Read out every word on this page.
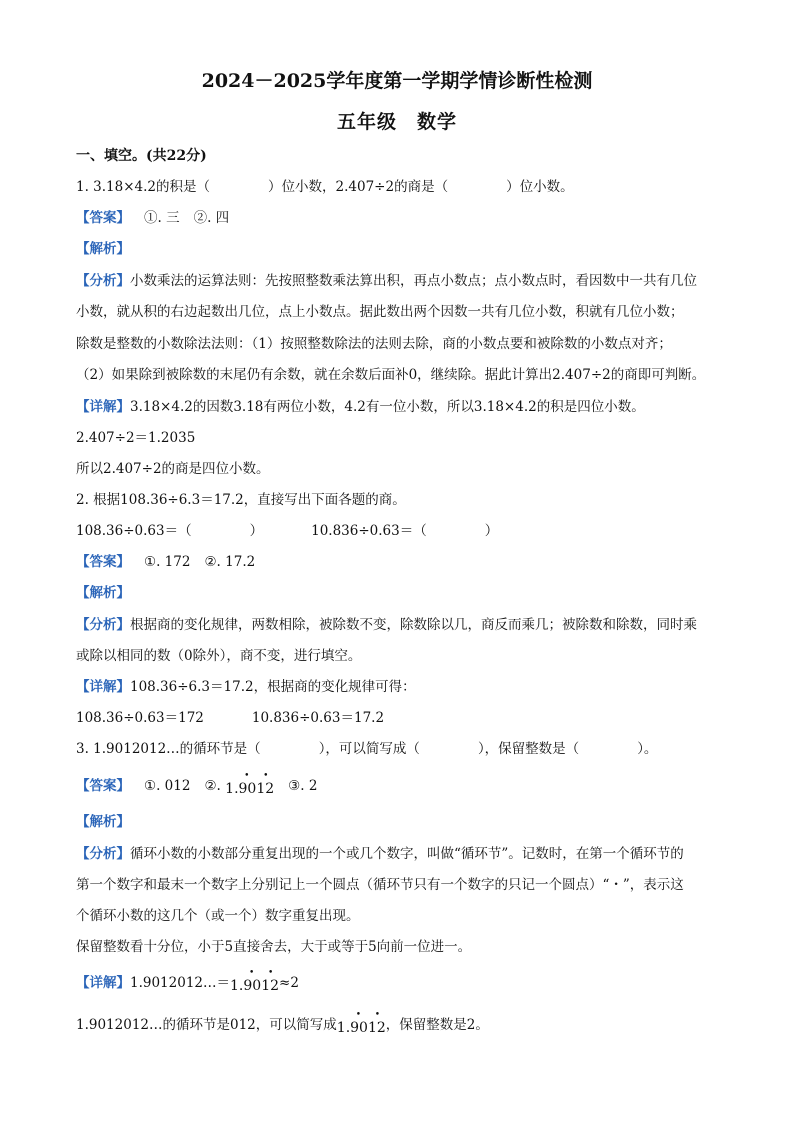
2024－2025学年度第一学期学情诊断性检测
五年级　数学
一、填空。(共22分)
1. 3.18×4.2的积是（	）位小数，2.407÷2的商是（	）位小数。
【答案】 ①. 三 ②. 四
【解析】
【分析】小数乘法的运算法则：先按照整数乘法算出积，再点小数点；点小数点时，看因数中一共有几位
小数，就从积的右边起数出几位，点上小数点。据此数出两个因数一共有几位小数，积就有几位小数；
除数是整数的小数除法法则：（1）按照整数除法的法则去除，商的小数点要和被除数的小数点对齐；
（2）如果除到被除数的末尾仍有余数，就在余数后面补0，继续除。据此计算出2.407÷2的商即可判断。
【详解】3.18×4.2的因数3.18有两位小数，4.2有一位小数，所以3.18×4.2的积是四位小数。
2.407÷2＝1.2035
所以2.407÷2的商是四位小数。
2. 根据108.36÷6.3＝17.2，直接写出下面各题的商。
108.36÷0.63＝（	）	10.836÷0.63＝（	）
【答案】 ①. 172 ②. 17.2
【解析】
【分析】根据商的变化规律，两数相除，被除数不变，除数除以几，商反而乘几；被除数和除数，同时乘
或除以相同的数（0除外），商不变，进行填空。
【详解】108.36÷6.3＝17.2，根据商的变化规律可得：
108.36÷0.63＝172	10.836÷0.63＝17.2
3. 1.9012012…的循环节是（	），可以简写成（	），保留整数是（	）。
【答案】 ①. 012 ②. 1.9012
• •
③. 2
【解析】
【分析】循环小数的小数部分重复出现的一个或几个数字，叫做“循环节”。记数时，在第一个循环节的
第一个数字和最末一个数字上分别记上一个圆点（循环节只有一个数字的只记一个圆点）“・”，表示这
个循环小数的这几个（或一个）数字重复出现。
保留整数看十分位，小于5直接舍去，大于或等于5向前一位进一。
【详解】1.9012012…＝1.9012
• •
≈2
1.9012012…的循环节是012，可以简写成1.9012
• •
，保留整数是2。
